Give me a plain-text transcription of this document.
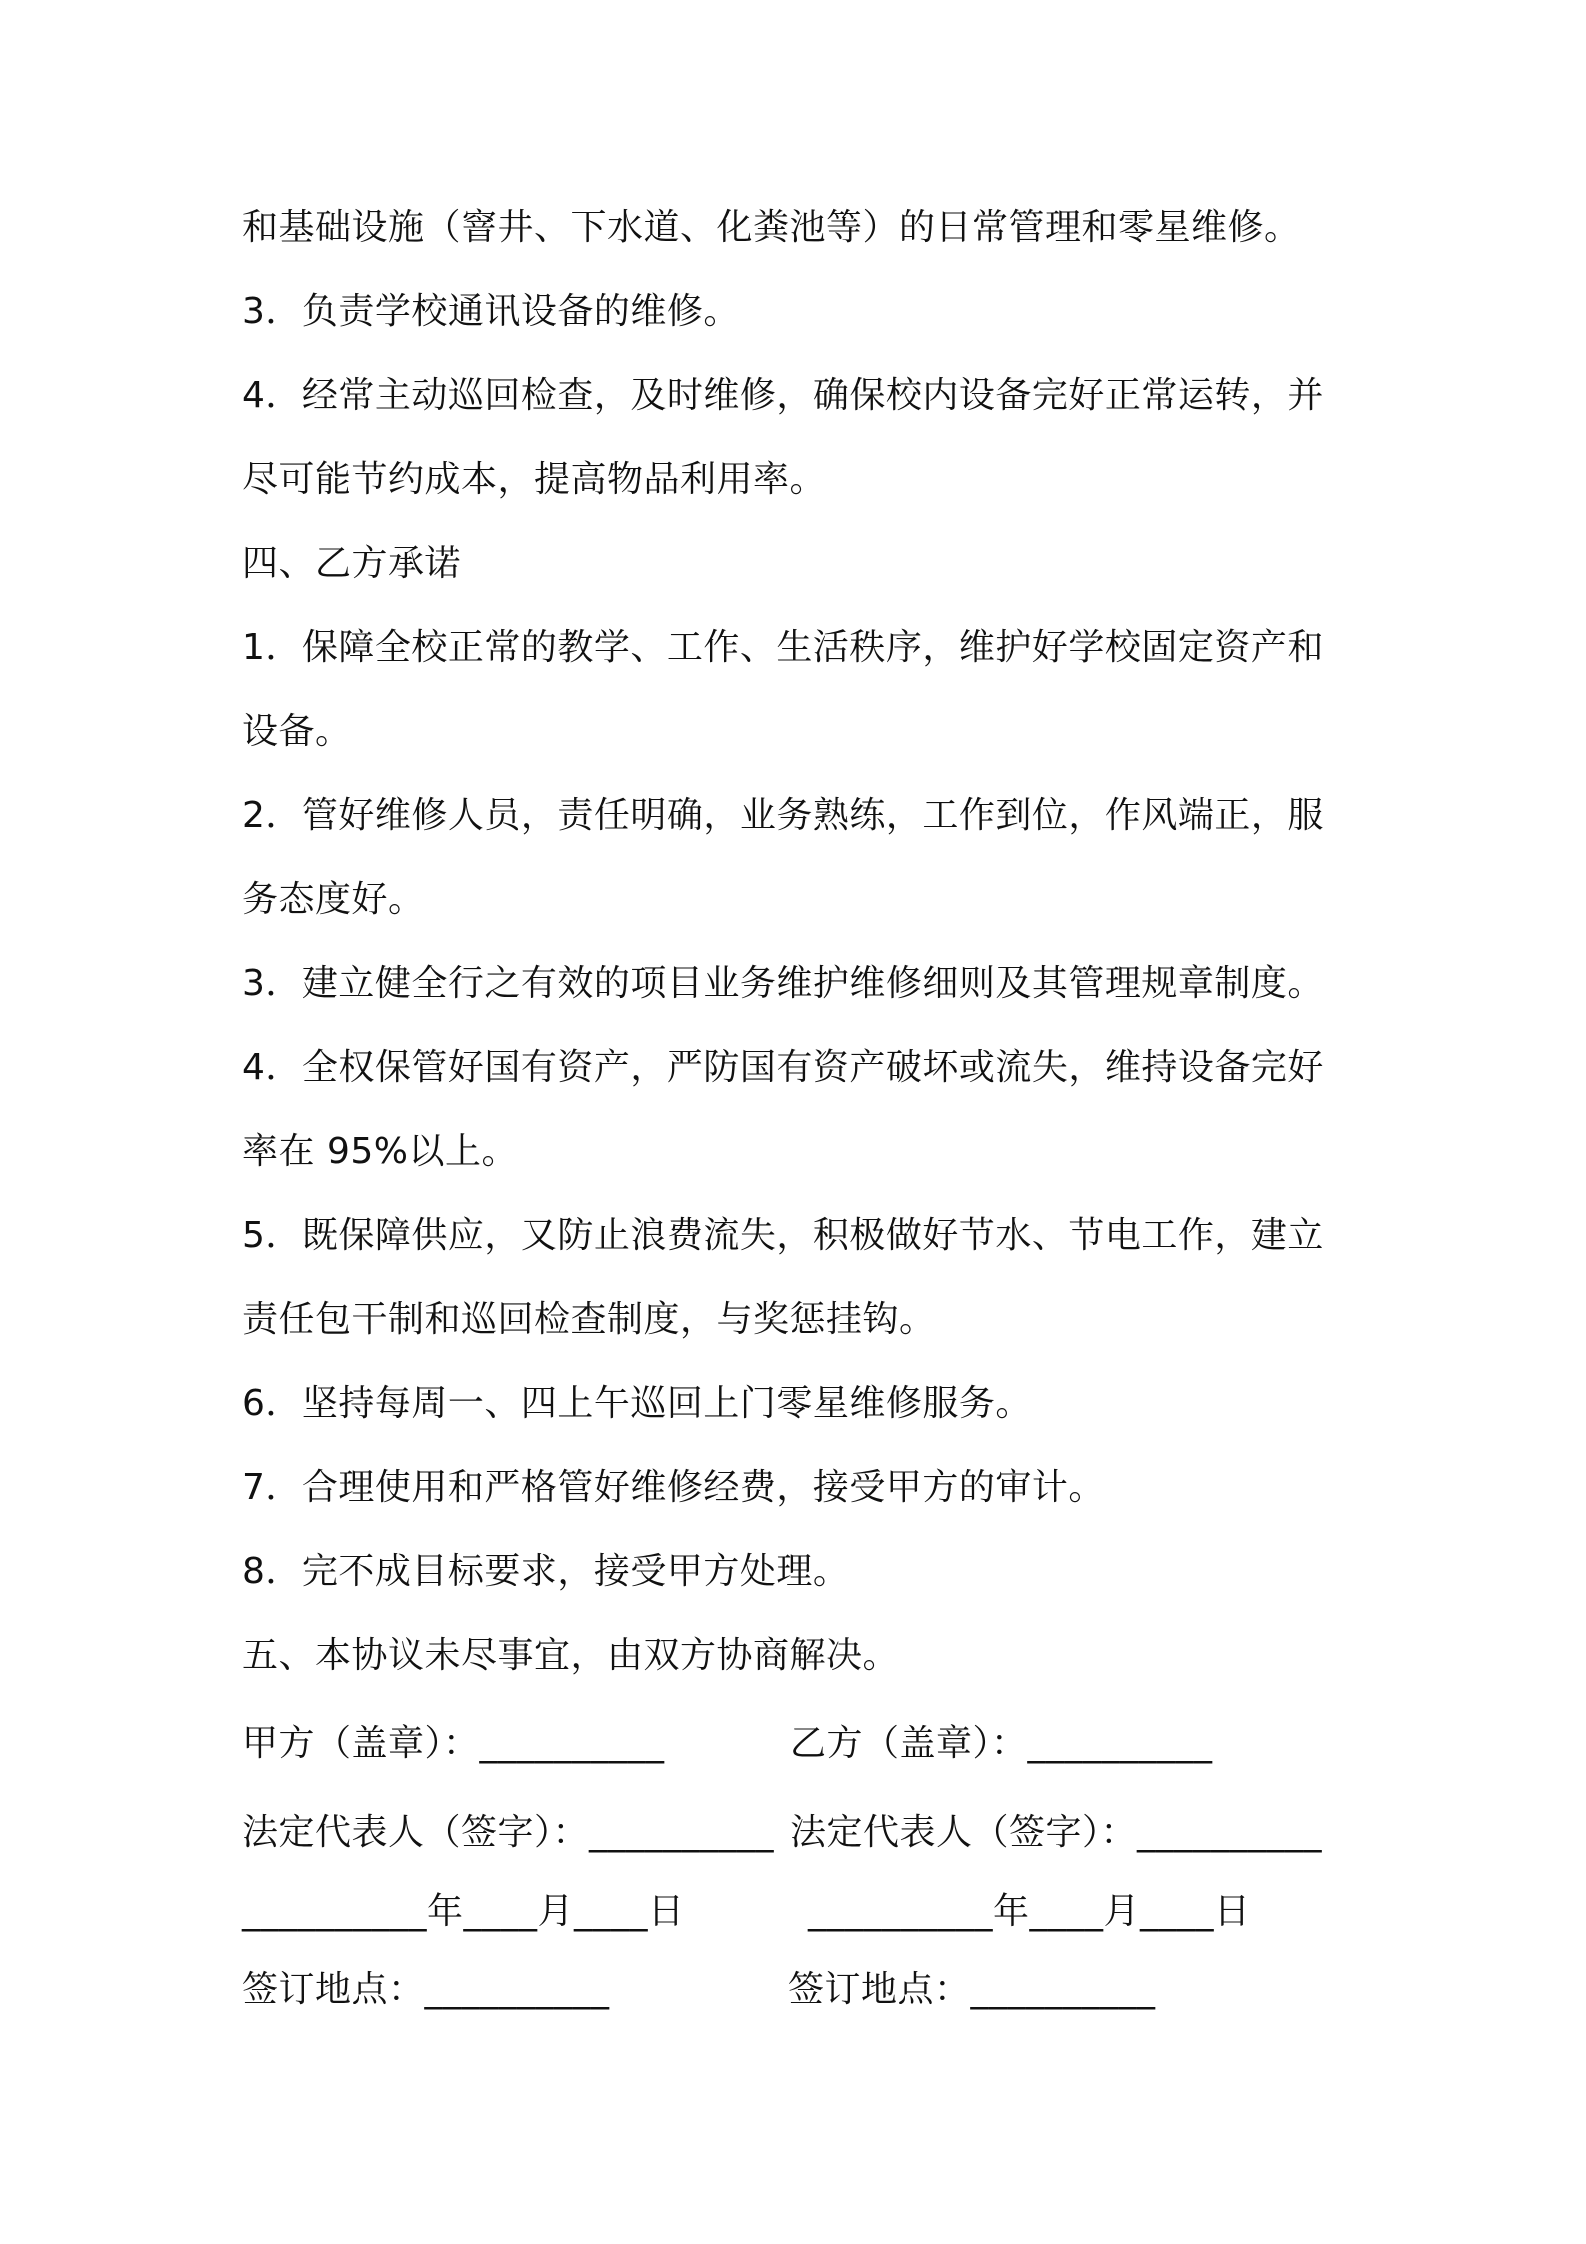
和基础设施（窨井、下水道、化粪池等）的日常管理和零星维修。
3．负责学校通讯设备的维修。
4．经常主动巡回检查，及时维修，确保校内设备完好正常运转，并
尽可能节约成本，提高物品利用率。
四、乙方承诺
1．保障全校正常的教学、工作、生活秩序，维护好学校固定资产和
设备。
2．管好维修人员，责任明确，业务熟练，工作到位，作风端正，服
务态度好。
3．建立健全行之有效的项目业务维护维修细则及其管理规章制度。
4．全权保管好国有资产，严防国有资产破坏或流失，维持设备完好
率在 95%以上。
5．既保障供应，又防止浪费流失，积极做好节水、节电工作，建立
责任包干制和巡回检查制度，与奖惩挂钩。
6．坚持每周一、四上午巡回上门零星维修服务。
7．合理使用和严格管好维修经费，接受甲方的审计。
8．完不成目标要求，接受甲方处理。
五、本协议未尽事宜，由双方协商解决。
甲方（盖章）：__________	乙方（盖章）：__________
法定代表人（签字）：__________ 法定代表人（签字）：__________
__________年____月____日	__________年____月____日
签订地点：__________	签订地点：__________
